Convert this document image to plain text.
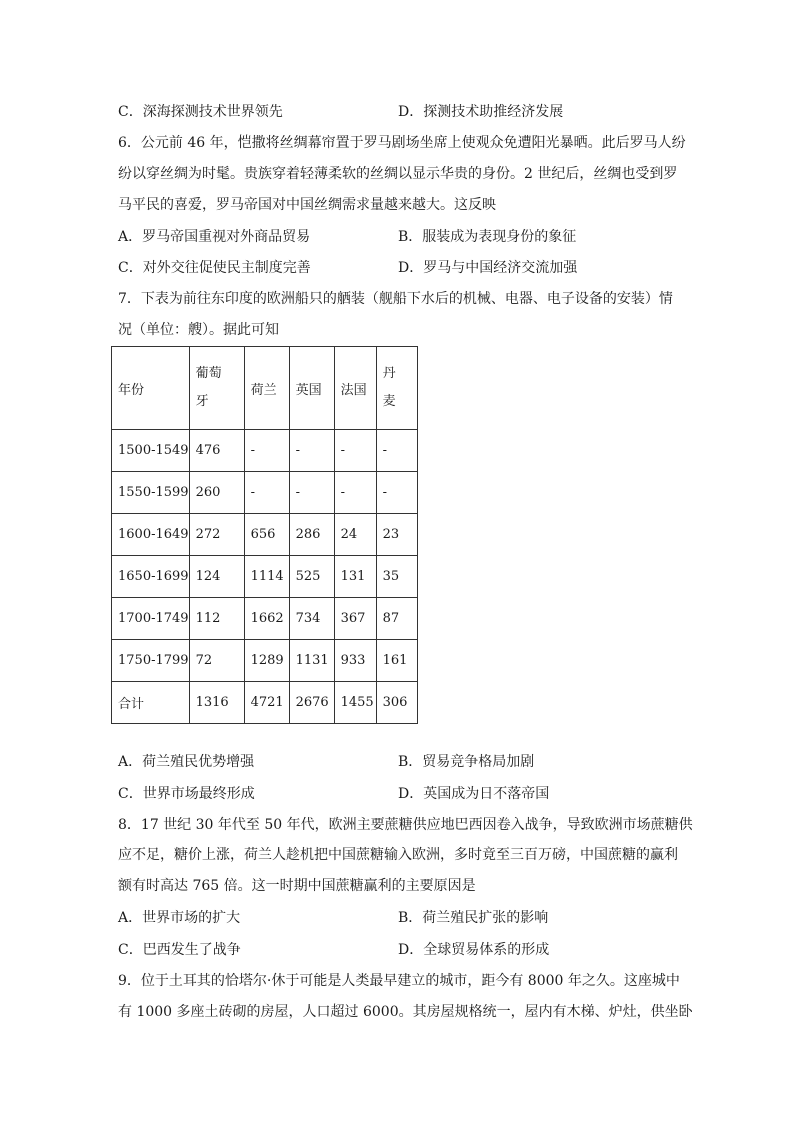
C．深海探测技术世界领先	D．探测技术助推经济发展
6．公元前 46 年，恺撒将丝绸幕帘置于罗马剧场坐席上使观众免遭阳光暴晒。此后罗马人纷
纷以穿丝绸为时髦。贵族穿着轻薄柔软的丝绸以显示华贵的身份。2 世纪后，丝绸也受到罗
马平民的喜爱，罗马帝国对中国丝绸需求量越来越大。这反映
A．罗马帝国重视对外商品贸易	B．服装成为表现身份的象征
C．对外交往促使民主制度完善	D．罗马与中国经济交流加强
7．下表为前往东印度的欧洲船只的舾装（舰船下水后的机械、电器、电子设备的安装）情
况（单位：艘）。据此可知
年份	葡萄牙	荷兰	英国	法国	丹麦
1500-1549	476	-	-	-	-
1550-1599	260	-	-	-	-
1600-1649	272	656	286	24	23
1650-1699	124	1114	525	131	35
1700-1749	112	1662	734	367	87
1750-1799	72	1289	1131	933	161
合计	1316	4721	2676	1455	306
A．荷兰殖民优势增强	B．贸易竞争格局加剧
C．世界市场最终形成	D．英国成为日不落帝国
8．17 世纪 30 年代至 50 年代，欧洲主要蔗糖供应地巴西因卷入战争，导致欧洲市场蔗糖供
应不足，糖价上涨，荷兰人趁机把中国蔗糖输入欧洲，多时竟至三百万磅，中国蔗糖的赢利
额有时高达 765 倍。这一时期中国蔗糖赢利的主要原因是
A．世界市场的扩大	B．荷兰殖民扩张的影响
C．巴西发生了战争	D．全球贸易体系的形成
9．位于土耳其的恰塔尔·休于可能是人类最早建立的城市，距今有 8000 年之久。这座城中
有 1000 多座土砖砌的房屋，人口超过 6000。其房屋规格统一，屋内有木梯、炉灶，供坐卧
